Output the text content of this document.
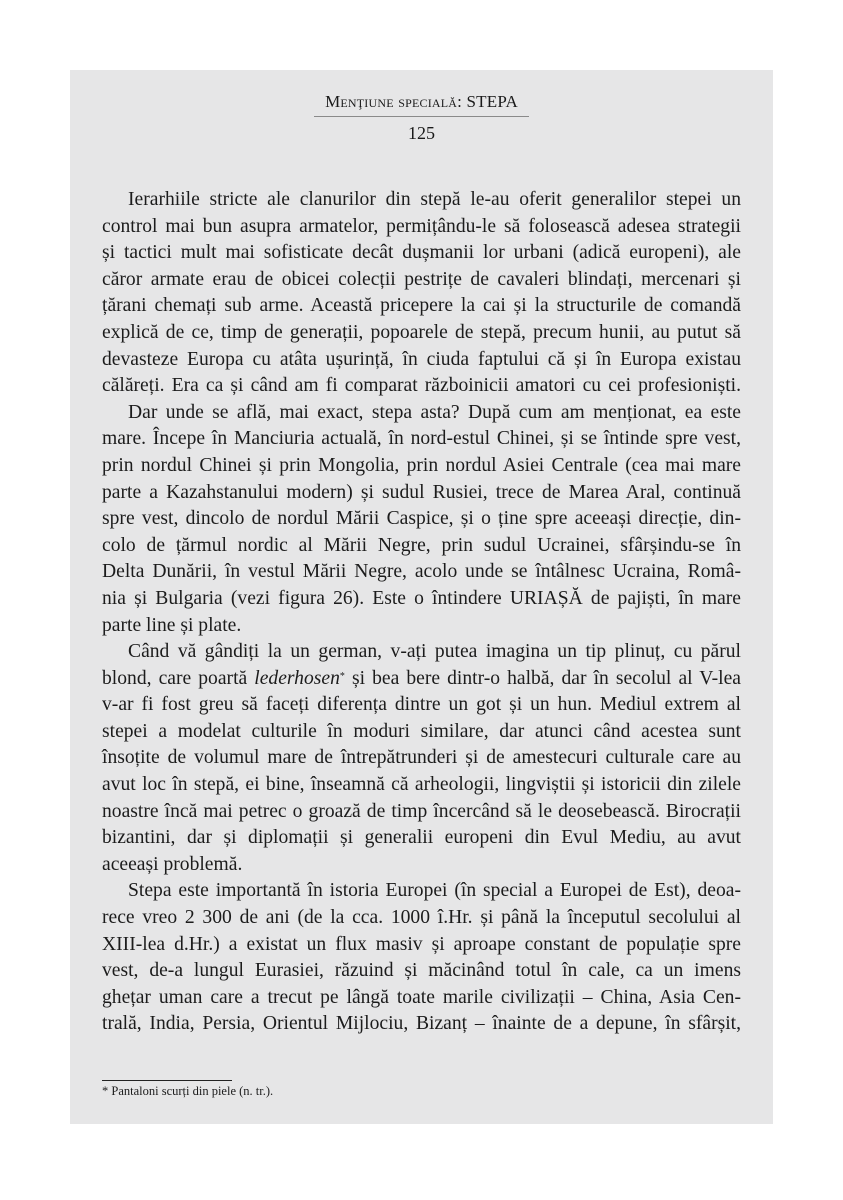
Menţiune specială: STEPA
125
Ierarhiile stricte ale clanurilor din stepă le-au oferit generalilor stepei un
control mai bun asupra armatelor, permițându-le să folosească adesea strategii
și tactici mult mai sofisticate decât dușmanii lor urbani (adică europeni), ale
căror armate erau de obicei colecții pestrițe de cavaleri blindați, mercenari și
țărani chemați sub arme. Această pricepere la cai și la structurile de comandă
explică de ce, timp de generații, popoarele de stepă, precum hunii, au putut să
devasteze Europa cu atâta ușurință, în ciuda faptului că și în Europa existau
călăreți. Era ca și când am fi comparat războinicii amatori cu cei profesioniști.
Dar unde se află, mai exact, stepa asta? După cum am menționat, ea este
mare. Începe în Manciuria actuală, în nord-estul Chinei, și se întinde spre vest,
prin nordul Chinei și prin Mongolia, prin nordul Asiei Centrale (cea mai mare
parte a Kazahstanului modern) și sudul Rusiei, trece de Marea Aral, continuă
spre vest, dincolo de nordul Mării Caspice, și o ține spre aceeași direcție, din-
colo de țărmul nordic al Mării Negre, prin sudul Ucrainei, sfârșindu-se în
Delta Dunării, în vestul Mării Negre, acolo unde se întâlnesc Ucraina, Româ-
nia și Bulgaria (vezi figura 26). Este o întindere URIAȘĂ de pajiști, în mare
parte line și plate.
Când vă gândiți la un german, v-ați putea imagina un tip plinuț, cu părul
blond, care poartă lederhosen* și bea bere dintr-o halbă, dar în secolul al V-lea
v-ar fi fost greu să faceți diferența dintre un got și un hun. Mediul extrem al
stepei a modelat culturile în moduri similare, dar atunci când acestea sunt
însoțite de volumul mare de întrepătrunderi și de amestecuri culturale care au
avut loc în stepă, ei bine, înseamnă că arheologii, lingviștii și istoricii din zilele
noastre încă mai petrec o groază de timp încercând să le deosebească. Birocrații
bizantini, dar și diplomații și generalii europeni din Evul Mediu, au avut
aceeași problemă.
Stepa este importantă în istoria Europei (în special a Europei de Est), deoa-
rece vreo 2 300 de ani (de la cca. 1000 î.Hr. și până la începutul secolului al
XIII-lea d.Hr.) a existat un flux masiv și aproape constant de populație spre
vest, de-a lungul Eurasiei, răzuind și măcinând totul în cale, ca un imens
ghețar uman care a trecut pe lângă toate marile civilizații – China, Asia Cen-
trală, India, Persia, Orientul Mijlociu, Bizanț – înainte de a depune, în sfârșit,
* Pantaloni scurți din piele (n. tr.).
